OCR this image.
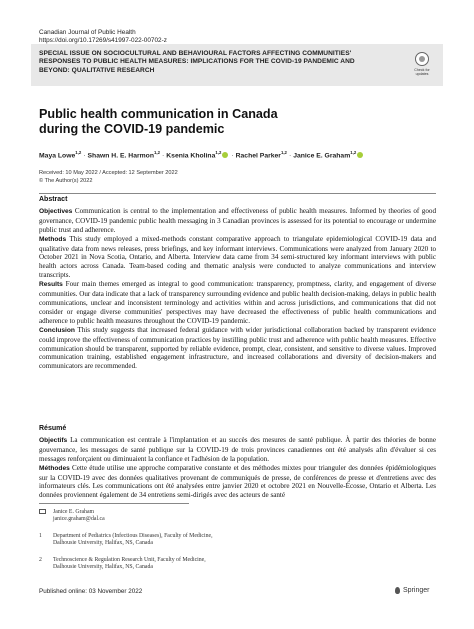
Canadian Journal of Public Health
https://doi.org/10.17269/s41997-022-00702-z
SPECIAL ISSUE ON SOCIOCULTURAL AND BEHAVIOURAL FACTORS AFFECTING COMMUNITIES' RESPONSES TO PUBLIC HEALTH MEASURES: IMPLICATIONS FOR THE COVID-19 PANDEMIC AND BEYOND: QUALITATIVE RESEARCH	Check for
updates
Public health communication in Canada
during the COVID-19 pandemic
Maya Lowe$^{1,2}$ · Shawn H. E. Harmon$^{1,2}$ · Ksenia Kholina$^{1,2}$ · Rachel Parker$^{1,2}$ · Janice E. Graham$^{1,2}$
Received: 10 May 2022 / Accepted: 12 September 2022
© The Author(s) 2022
Abstract

Objectives Communication is central to the implementation and effectiveness of public health measures. Informed by theories of good governance, COVID-19 pandemic public health messaging in 3 Canadian provinces is assessed for its potential to encourage or undermine public trust and adherence.

Methods This study employed a mixed-methods constant comparative approach to triangulate epidemiological COVID-19 data and qualitative data from news releases, press briefings, and key informant interviews. Communications were analyzed from January 2020 to October 2021 in Nova Scotia, Ontario, and Alberta. Interview data came from 34 semi-structured key informant interviews with public health actors across Canada. Team-based coding and thematic analysis were conducted to analyze communications and interview transcripts.

Results Four main themes emerged as integral to good communication: transparency, promptness, clarity, and engagement of diverse communities. Our data indicate that a lack of transparency surrounding evidence and public health decision-making, delays in public health communications, unclear and inconsistent terminology and activities within and across jurisdictions, and communications that did not consider or engage diverse communities' perspectives may have decreased the effectiveness of public health communications and adherence to public health measures throughout the COVID-19 pandemic.

Conclusion This study suggests that increased federal guidance with wider jurisdictional collaboration backed by transparent evidence could improve the effectiveness of communication practices by instilling public trust and adherence with public health measures. Effective communication should be transparent, supported by reliable evidence, prompt, clear, consistent, and sensitive to diverse values. Improved communication training, established engagement infrastructure, and increased collaborations and diversity of decision-makers and communicators are recommended.

Résumé

Objectifs La communication est centrale à l'implantation et au succès des mesures de santé publique. À partir des théories de bonne gouvernance, les messages de santé publique sur la COVID-19 de trois provinces canadiennes ont été analysés afin d'évaluer si ces messages renforçaient ou diminuaient la confiance et l'adhésion de la population.

Méthodes Cette étude utilise une approche comparative constante et des méthodes mixtes pour trianguler des données épidémiologiques sur la COVID-19 avec des données qualitatives provenant de communiqués de presse, de conférences de presse et d'entretiens avec des informateurs clés. Les communications ont été analysées entre janvier 2020 et octobre 2021 en Nouvelle-Écosse, Ontario et Alberta. Les données proviennent également de 34 entretiens semi-dirigés avec des acteurs de santé

Janice E. Graham
janice.graham@dal.ca
1	Department of Pediatrics (Infectious Diseases), Faculty of Medicine,
Dalhousie University, Halifax, NS, Canada
2	Technoscience & Regulation Research Unit, Faculty of Medicine,
Dalhousie University, Halifax, NS, Canada
Published online: 03 November 2022	Springer
